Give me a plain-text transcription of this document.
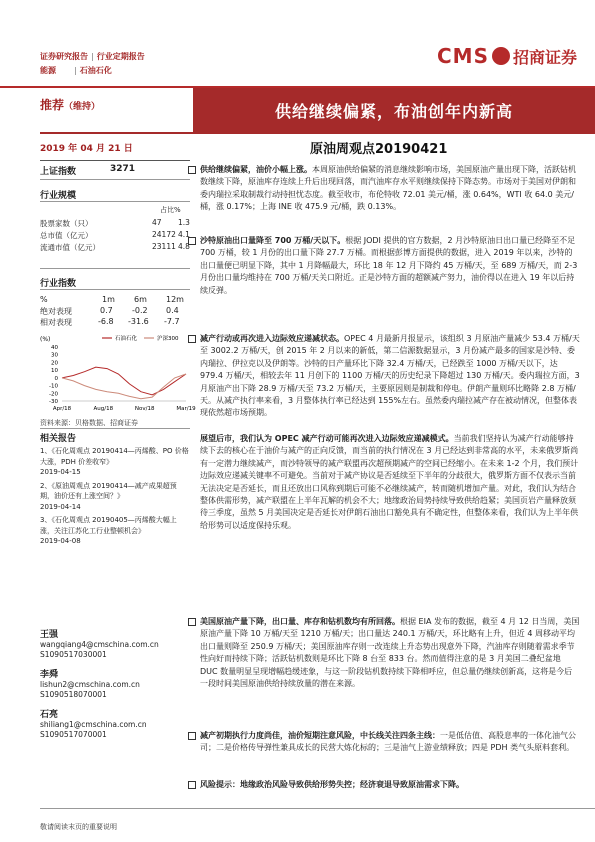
证券研究报告 | 行业定期报告
能源 | 石油石化
CMS 招商证券
供给继续偏紧，布油创年内新高
推荐（维持）
2019 年 04 月 21 日	原油周观点20190421
上证指数	3271
行业规模
占比%
股票家数（只）	47 1.3
总市值（亿元）	24172 4.1
流通市值（亿元）	23111 4.8
行业指数
%	1m 6m 12m
绝对表现	0.7 -0.2 0.4
相对表现	-6.8 -31.6 -7.7
(%)	石油石化	沪深300
40
30
20
10
0
-10
-20
-30
Apr/18	Aug/18	Nov/18	Mar/19
资料来源：贝格数据、招商证券
相关报告
1、《石化周观点 20190414—丙烯酸、PO 价格大涨，PDH 价差收窄》
2019-04-15
2、《原油周观点 20190414—减产成果超预期，油价还有上涨空间？》
2019-04-14
3、《石化周观点 20190405—丙烯酸大幅上涨，关注江苏化工行业整顿机会》
2019-04-08
王强
wangqiang4@cmschina.com.cn
S1090517030001
李舜
lishun2@cmschina.com.cn
S1090518070001
石亮
shiliang1@cmschina.com.cn
S1090517070001
供给继续偏紧，油价小幅上涨。本周原油供给偏紧的消息继续影响市场，美国原油产量出现下降，活跃钻机数继续下降，原油库存连续上升后出现回落，而汽油库存水平则继续保持下降态势。市场对于美国对伊朗和委内瑞拉采取制裁行动持担忧态度。截至收市，布伦特收 72.01 美元/桶，涨 0.64%，WTI 收 64.0 美元/桶，涨 0.17%；上海 INE 收 475.9 元/桶，跌 0.13%。
沙特原油出口量降至 700 万桶/天以下。根据 JODI 提供的官方数据，2 月沙特原油日出口量已经降至不足 700 万桶，较 1 月份的出口量下降 27.7 万桶。而根据彭博方面提供的数据，进入 2019 年以来，沙特的出口量便已明显下降，其中 1 月降幅最大，环比 18 年 12 月下降约 45 万桶/天，至 689 万桶/天，而 2-3 月份出口量均维持在 700 万桶/天关口附近。正是沙特方面的超额减产努力，油价得以在进入 19 年以后持续反弹。
减产行动或再次进入边际效应递减状态。OPEC 4 月最新月报显示，该组织 3 月原油产量减少 53.4 万桶/天至 3002.2 万桶/天，创 2015 年 2 月以来的新低，第二信源数据显示，3 月份减产最多的国家是沙特、委内瑞拉、伊拉克以及伊朗等。沙特的日产量环比下降 32.4 万桶/天，已经跌至 1000 万桶/天以下，达 979.4 万桶/天，相较去年 11 月创下的 1100 万桶/天的历史纪录下降超过 130 万桶/天。委内瑞拉方面，3 月原油产出下降 28.9 万桶/天至 73.2 万桶/天，主要原因则是制裁和停电。伊朗产量则环比略降 2.8 万桶/天。从减产执行率来看，3 月整体执行率已经达到 155%左右。虽然委内瑞拉减产存在被动情况，但整体表现依然超市场预期。
展望后市，我们认为 OPEC 减产行动可能再次进入边际效应递减模式。当前我们坚持认为减产行动能够持续下去的核心在于油价与减产的正向反馈，而当前的执行情况在 3 月已经达到非常高的水平，未来俄罗斯尚有一定潜力继续减产，而沙特领导的减产联盟再次超预期减产的空间已经缩小。在未来 1-2 个月，我们预计边际效应递减关键率不可避免。当前对于减产协议是否延续至下半年的分歧很大，俄罗斯方面不仅表示当前无法决定是否延长，而且还放出口风称到期后可能不必继续减产，转而随机增加产量。对此，我们认为结合整体供需形势，减产联盟在上半年瓦解的机会不大；地缘政治局势持续导致供给趋紧；美国页岩产量释放须待三季度，虽然 5 月美国决定是否延长对伊朗石油出口豁免具有不确定性，但整体来看，我们认为上半年供给形势可以适度保持乐观。
美国原油产量下降，出口量、库存和钻机数均有所回落。根据 EIA 发布的数据，截至 4 月 12 日当周，美国原油产量下降 10 万桶/天至 1210 万桶/天；出口量达 240.1 万桶/天，环比略有上升，但近 4 周移动平均出口量则降至 250.9 万桶/天；美国原油库存则一改连续上升态势出现意外下降，汽油库存则随着需求季节性向好而持续下降；活跃钻机数则是环比下降 8 台至 833 台。然而值得注意的是 3 月美国二叠纪盆地 DUC 数量明显呈现增幅趋缓迹象，与这一阶段钻机数持续下降相呼应，但总量仍继续创新高，这将是今后一段时间美国原油供给持续放量的潜在来源。
减产初期执行力度尚佳，油价短期注意风险，中长线关注四条主线：一是低估值、高股息率的一体化油气公司；二是价格传导弹性兼具成长的民营大炼化标的；三是油气上游业绩释放；四是 PDH 类气头原料套利。
风险提示：地缘政治风险导致供给形势失控；经济衰退导致原油需求下降。
敬请阅读末页的重要说明
